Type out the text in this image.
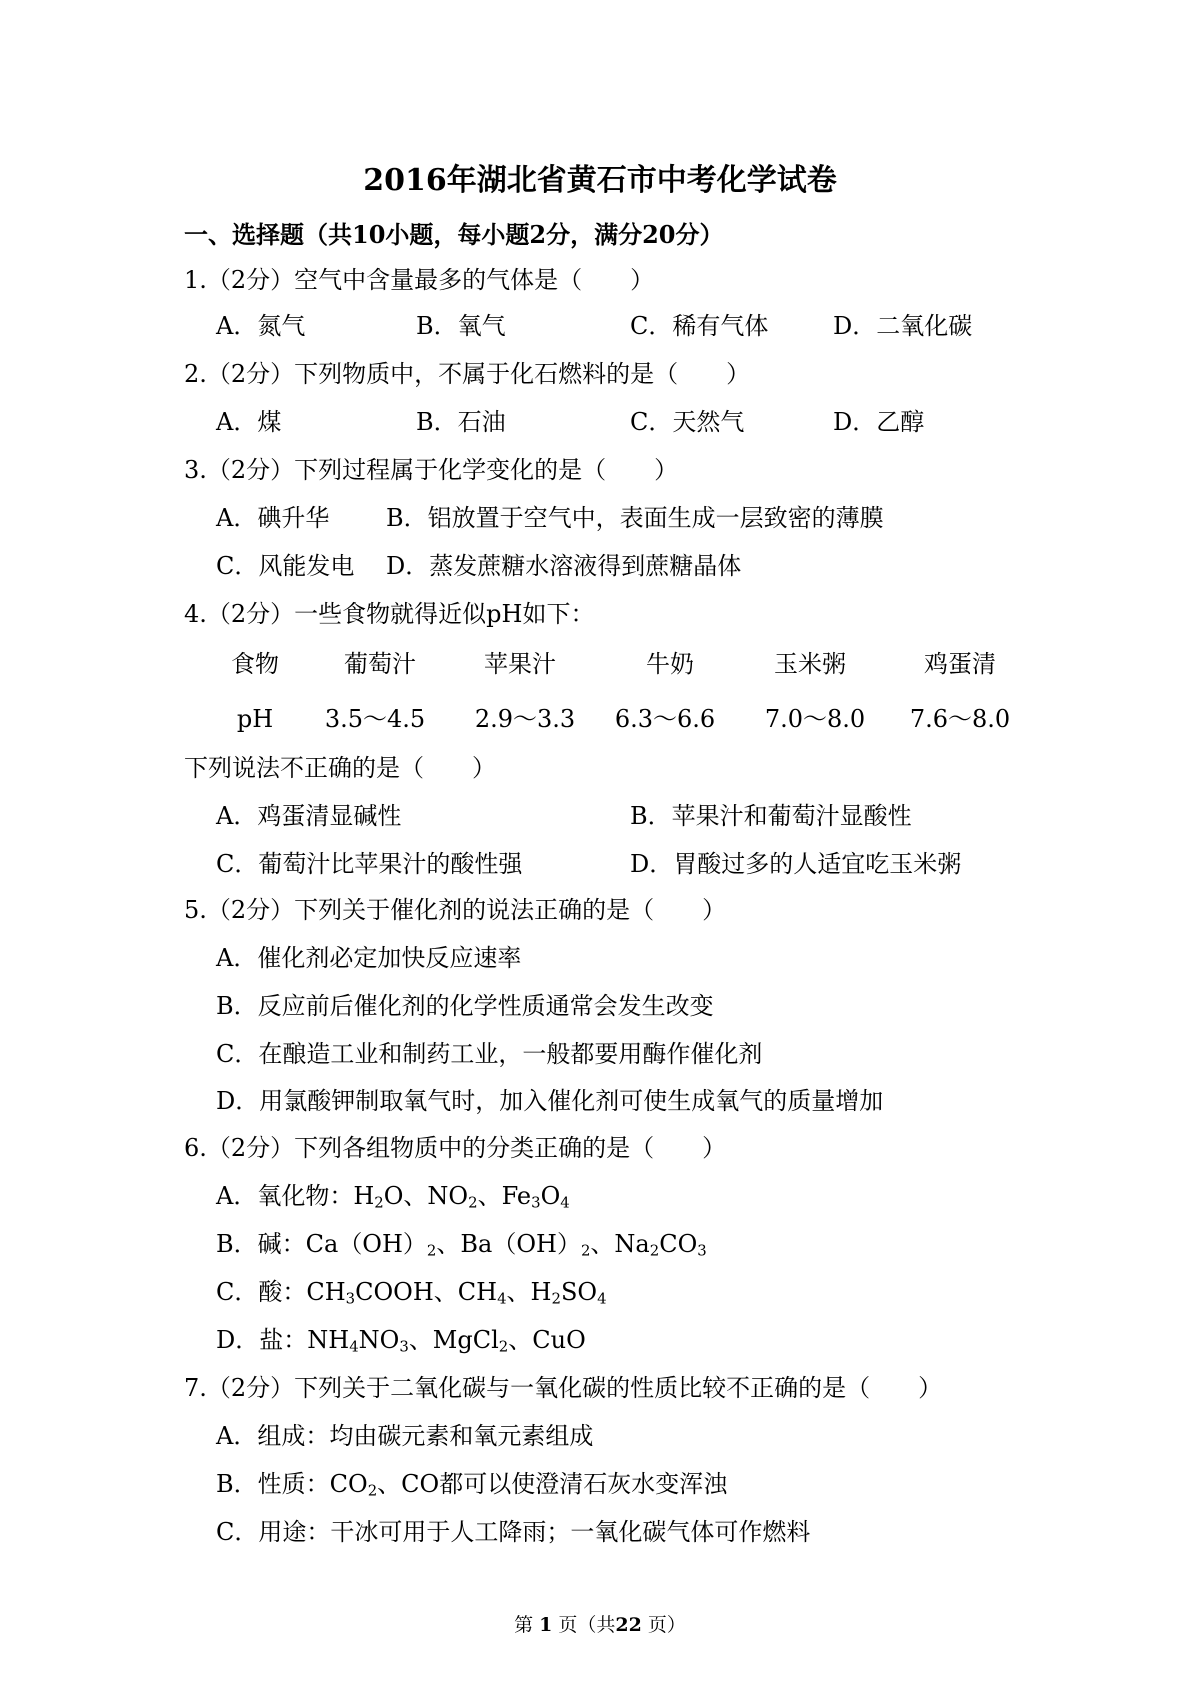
2016年湖北省黄石市中考化学试卷
一、选择题（共10小题，每小题2分，满分20分）
1.（2分）空气中含量最多的气体是（　　）
A．氮气	B．氧气	C．稀有气体	D．二氧化碳
2.（2分）下列物质中，不属于化石燃料的是（　　）
A．煤	B．石油	C．天然气	D．乙醇
3.（2分）下列过程属于化学变化的是（　　）
A．碘升华 B．铝放置于空气中，表面生成一层致密的薄膜
C．风能发电 D．蒸发蔗糖水溶液得到蔗糖晶体
4.（2分）一些食物就得近似pH如下：
食物	葡萄汁	苹果汁	牛奶	玉米粥	鸡蛋清
pH	3.5～4.5	2.9～3.3	6.3～6.6	7.0～8.0	7.6～8.0
下列说法不正确的是（　　）
A．鸡蛋清显碱性	B．苹果汁和葡萄汁显酸性
C．葡萄汁比苹果汁的酸性强	D．胃酸过多的人适宜吃玉米粥
5.（2分）下列关于催化剂的说法正确的是（　　）
A．催化剂必定加快反应速率
B．反应前后催化剂的化学性质通常会发生改变
C．在酿造工业和制药工业，一般都要用酶作催化剂
D．用氯酸钾制取氧气时，加入催化剂可使生成氧气的质量增加
6.（2分）下列各组物质中的分类正确的是（　　）
A．氧化物：$H_2O$、$NO_2$、$Fe_3O_4$
B．碱：$Ca(OH)_2$、$Ba(OH)_2$、$Na_2CO_3$
C．酸：$CH_3COOH$、$CH_4$、$H_2SO_4$
D．盐：$NH_4NO_3$、MgCl$_2$、CuO
7.（2分）下列关于二氧化碳与一氧化碳的性质比较不正确的是（　　）
A．组成：均由碳元素和氧元素组成
B．性质：$CO_2$、CO都可以使澄清石灰水变浑浊
C．用途：干冰可用于人工降雨；一氧化碳气体可作燃料
第 1 页（共22 页）
